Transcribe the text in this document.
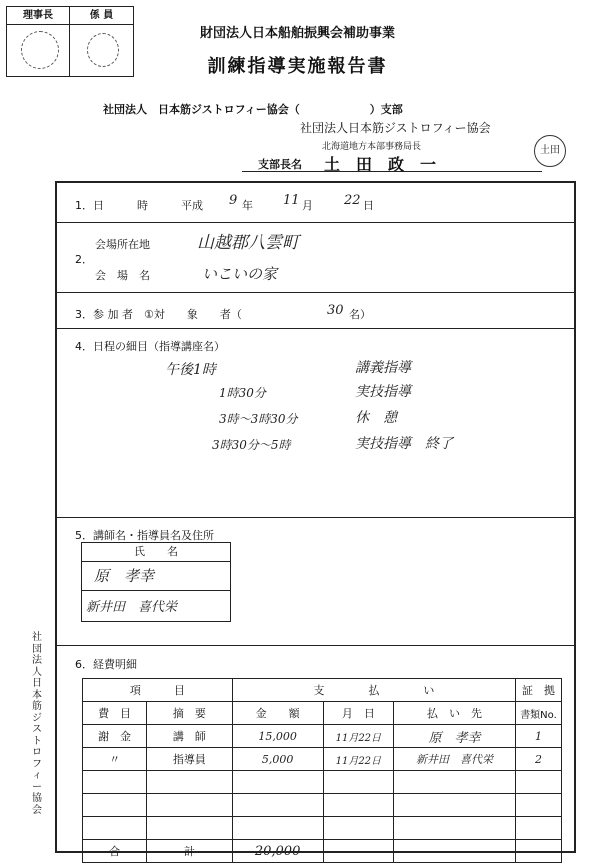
理事長	係 員
財団法人日本船舶振興会補助事業
訓練指導実施報告書
社団法人　日本筋ジストロフィー協会（	）支部
社団法人日本筋ジストロフィー協会
北海道地方本部事務局長
支部長名 土　田　政　一
土田
1．日　　　時　　　平成 9 年 11 月 22 日
2．
会場所在地	山越郡八雲町
会　場　名	いこいの家
3．参 加 者　①対　　象　　者（	30 名）
4．日程の細目（指導講座名）
午後1時	講義指導
1時30分	実技指導
3時～3時30分	休　憩
3時30分～5時	実技指導　終了
5．講師名・指導員名及住所
氏　　名
原　孝幸
新井田　喜代栄
6．経費明細
項　　　目		支　　　　払　　　　い			証　拠
費　目	摘　要	金　　額	月　日	払　い　先	書類No.
謝　金	講　師	15,000	11月22日	原　孝幸	1
〃	指導員	5,000	11月22日	新井田　喜代栄	2

合	計	20,000			
社団法人日本筋ジストロフィー協会
